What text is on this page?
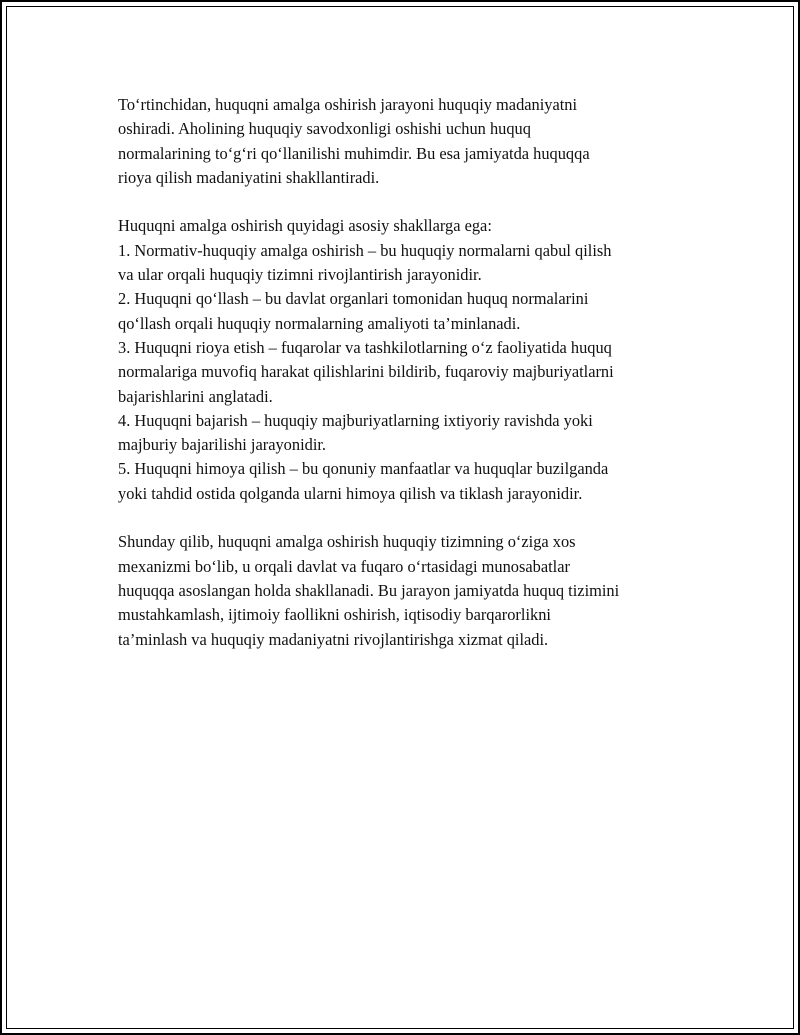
To‘rtinchidan, huquqni amalga oshirish jarayoni huquqiy madaniyatni
oshiradi. Aholining huquqiy savodxonligi oshishi uchun huquq
normalarining to‘g‘ri qo‘llanilishi muhimdir. Bu esa jamiyatda huquqqa
rioya qilish madaniyatini shakllantiradi.
Huquqni amalga oshirish quyidagi asosiy shakllarga ega:
1. Normativ-huquqiy amalga oshirish – bu huquqiy normalarni qabul qilish
va ular orqali huquqiy tizimni rivojlantirish jarayonidir.
2. Huquqni qo‘llash – bu davlat organlari tomonidan huquq normalarini
qo‘llash orqali huquqiy normalarning amaliyoti ta’minlanadi.
3. Huquqni rioya etish – fuqarolar va tashkilotlarning o‘z faoliyatida huquq
normalariga muvofiq harakat qilishlarini bildirib, fuqaroviy majburiyatlarni
bajarishlarini anglatadi.
4. Huquqni bajarish – huquqiy majburiyatlarning ixtiyoriy ravishda yoki
majburiy bajarilishi jarayonidir.
5. Huquqni himoya qilish – bu qonuniy manfaatlar va huquqlar buzilganda
yoki tahdid ostida qolganda ularni himoya qilish va tiklash jarayonidir.
Shunday qilib, huquqni amalga oshirish huquqiy tizimning o‘ziga xos
mexanizmi bo‘lib, u orqali davlat va fuqaro o‘rtasidagi munosabatlar
huquqqa asoslangan holda shakllanadi. Bu jarayon jamiyatda huquq tizimini
mustahkamlash, ijtimoiy faollikni oshirish, iqtisodiy barqarorlikni
ta’minlash va huquqiy madaniyatni rivojlantirishga xizmat qiladi.
